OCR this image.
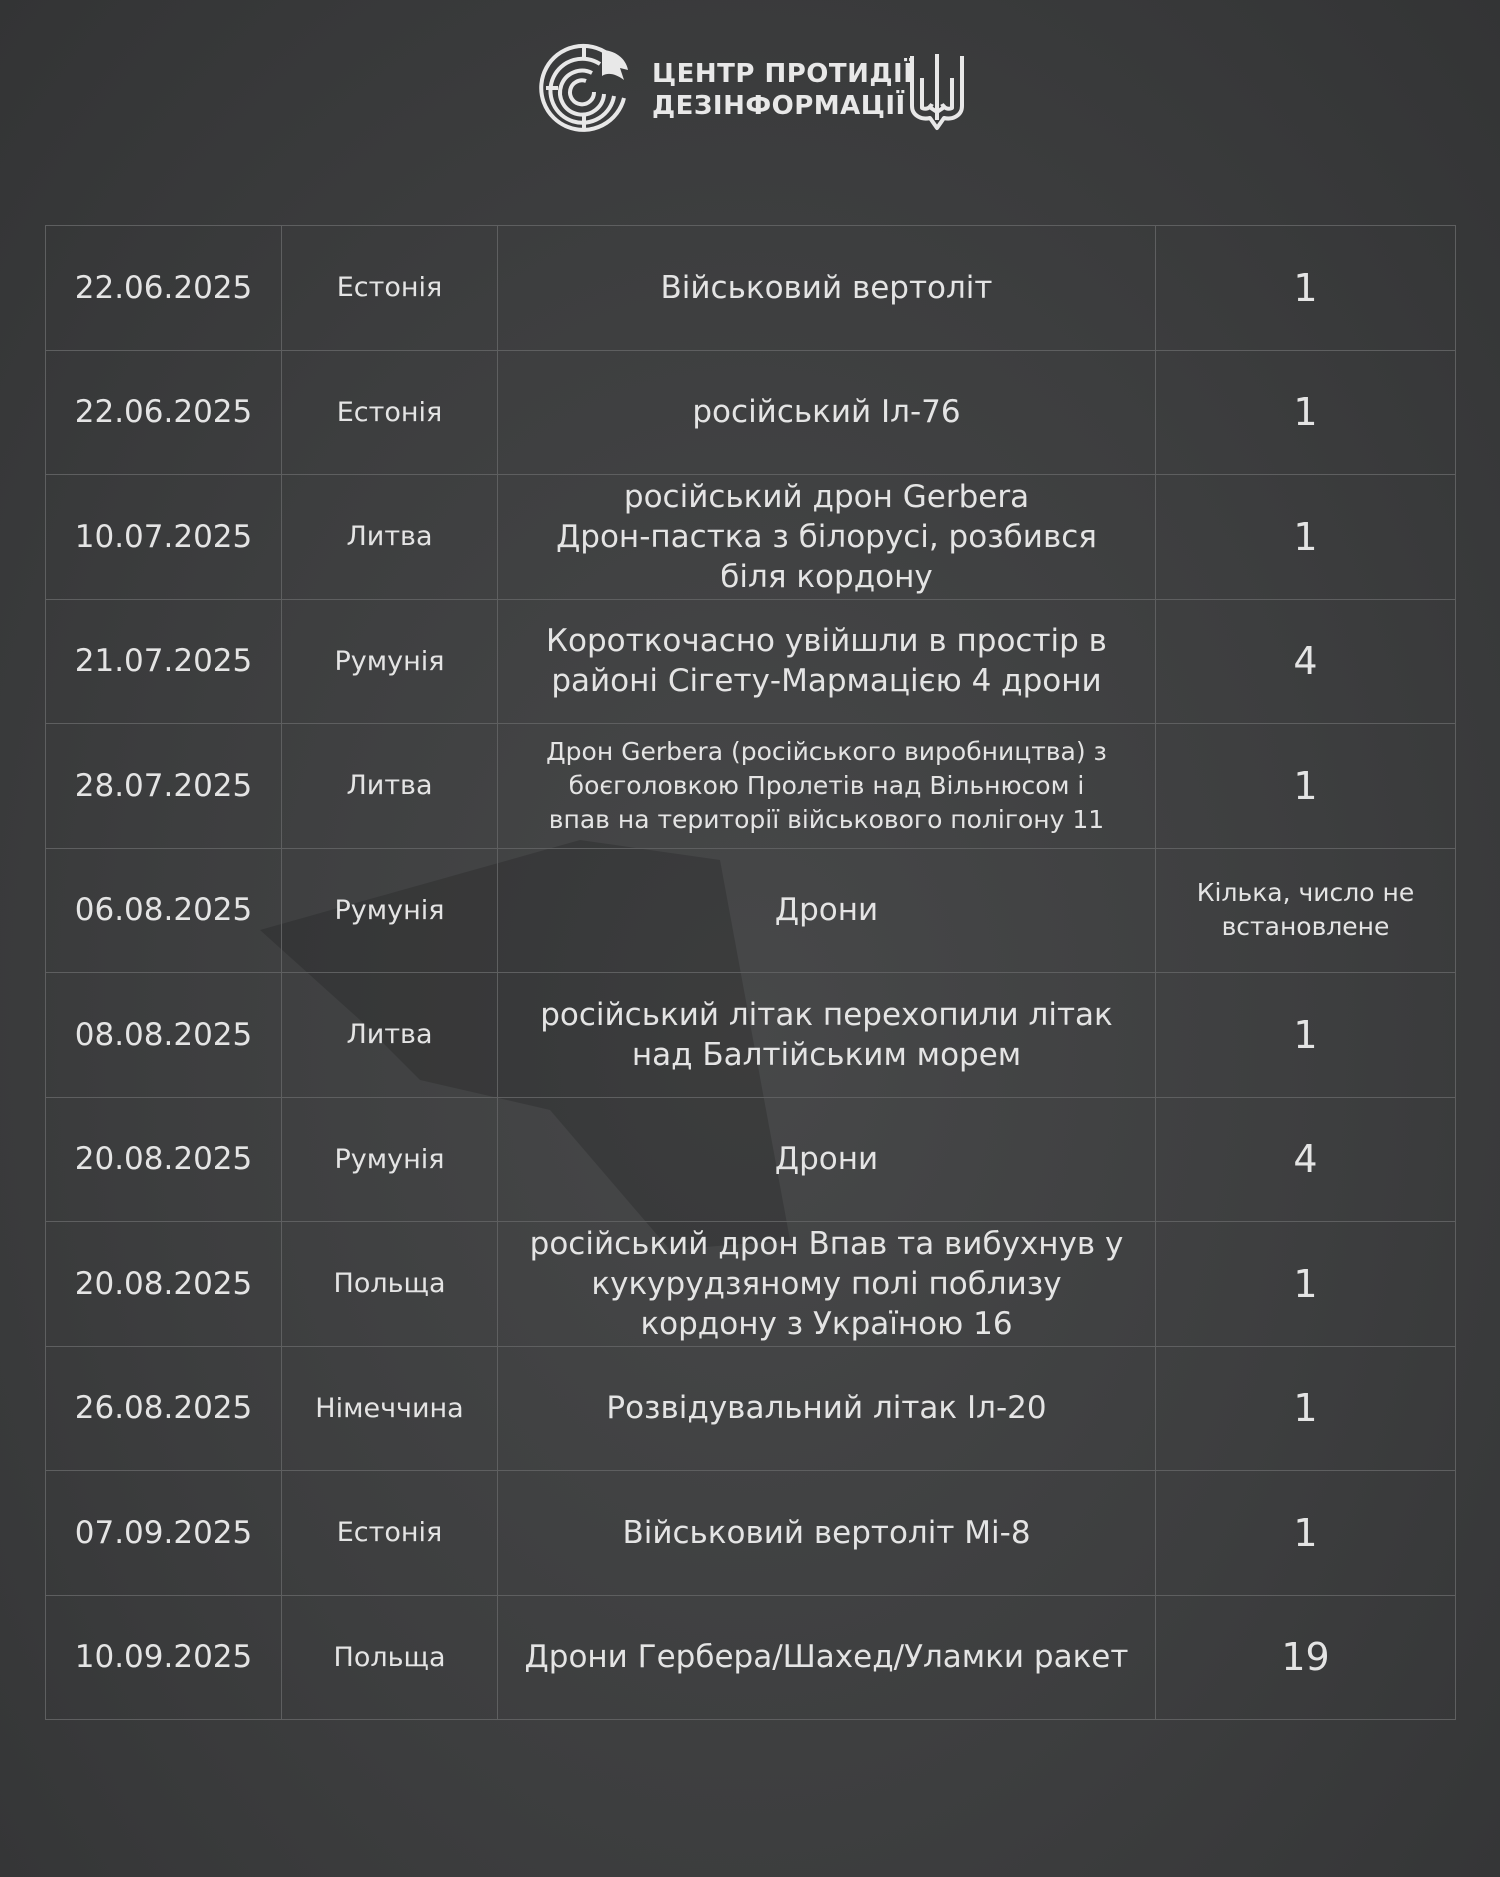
ЦЕНТР ПРОТИДІЇ
ДЕЗІНФОРМАЦІЇ
22.06.2025	Естонія	Військовий вертоліт	1
22.06.2025	Естонія	російський Іл-76	1
10.07.2025	Литва	російський дрон Gerbera
Дрон-пастка з білорусі, розбився
біля кордону	1
21.07.2025	Румунія	Короткочасно увійшли в простір в
районі Сігету-Мармацією 4 дрони	4
28.07.2025	Литва	Дрон Gerbera (російського виробництва) з
боєголовкою Пролетів над Вільнюсом і
впав на території військового полігону 11	1
06.08.2025	Румунія	Дрони	Кілька, число не встановлене
08.08.2025	Литва	російський літак перехопили літак
над Балтійським морем	1
20.08.2025	Румунія	Дрони	4
20.08.2025	Польща	російський дрон Впав та вибухнув у
кукурудзяному полі поблизу
кордону з Україною 16	1
26.08.2025	Німеччина	Розвідувальний літак Іл-20	1
07.09.2025	Естонія	Військовий вертоліт Мі-8	1
10.09.2025	Польща	Дрони Гербера/Шахед/Уламки ракет	19
